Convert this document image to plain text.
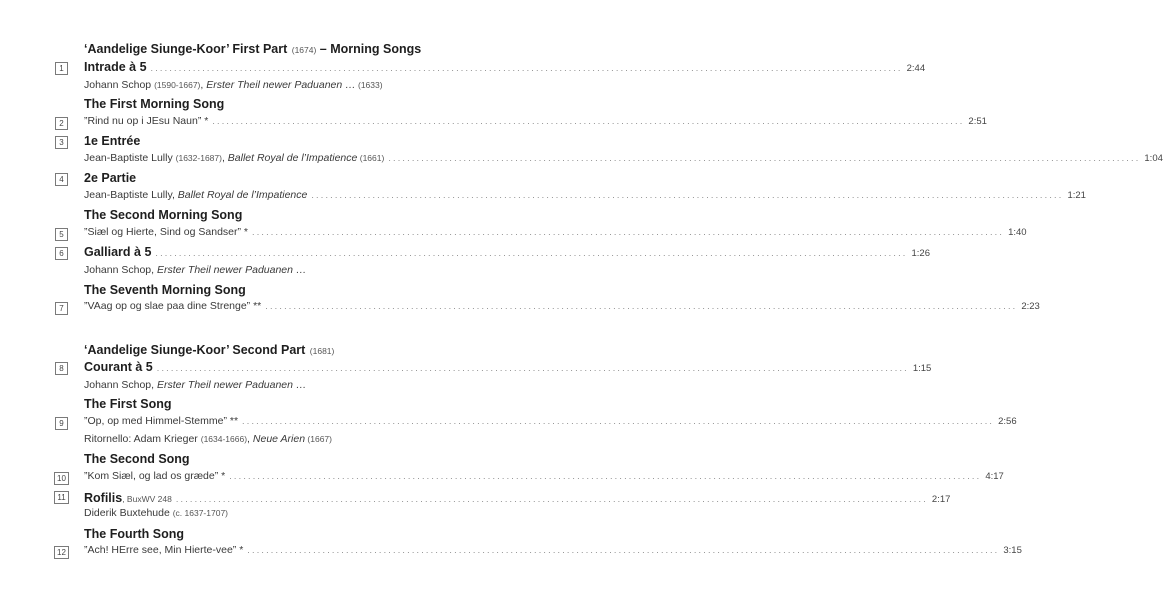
‘Aandelige Siunge-Koor’ First Part (1674) – Morning Songs
1	Intrade à 5 ................................................................................................................................................................ 2:44
Johann Schop (1590-1667), Erster Theil newer Paduanen … (1633)
The First Morning Song
2	”Rind nu op i JEsu Naun” * ................................................................................................................................................................ 2:51
3	1e Entrée
Jean-Baptiste Lully (1632-1687), Ballet Royal de l’Impatience (1661) ................................................................................................................................................................ 1:04
4	2e Partie
Jean-Baptiste Lully, Ballet Royal de l’Impatience ................................................................................................................................................................ 1:21
The Second Morning Song
5	”Siæl og Hierte, Sind og Sandser” * ................................................................................................................................................................ 1:40
6	Galliard à 5 ................................................................................................................................................................ 1:26
Johann Schop, Erster Theil newer Paduanen …
The Seventh Morning Song
7	”VAag op og slae paa dine Strenge” ** ................................................................................................................................................................ 2:23
‘Aandelige Siunge-Koor’ Second Part (1681)
8	Courant à 5 ................................................................................................................................................................ 1:15
Johann Schop, Erster Theil newer Paduanen …
The First Song
9	”Op, op med Himmel-Stemme” ** ................................................................................................................................................................ 2:56
Ritornello: Adam Krieger (1634-1666), Neue Arien (1667)
The Second Song
10 ”Kom Siæl, og lad os græde” * ................................................................................................................................................................ 4:17
11 Rofilis, BuxWV 248 ................................................................................................................................................................ 2:17
Diderik Buxtehude (c. 1637-1707)
The Fourth Song
12 ”Ach! HErre see, Min Hierte-vee” * ................................................................................................................................................................ 3:15
